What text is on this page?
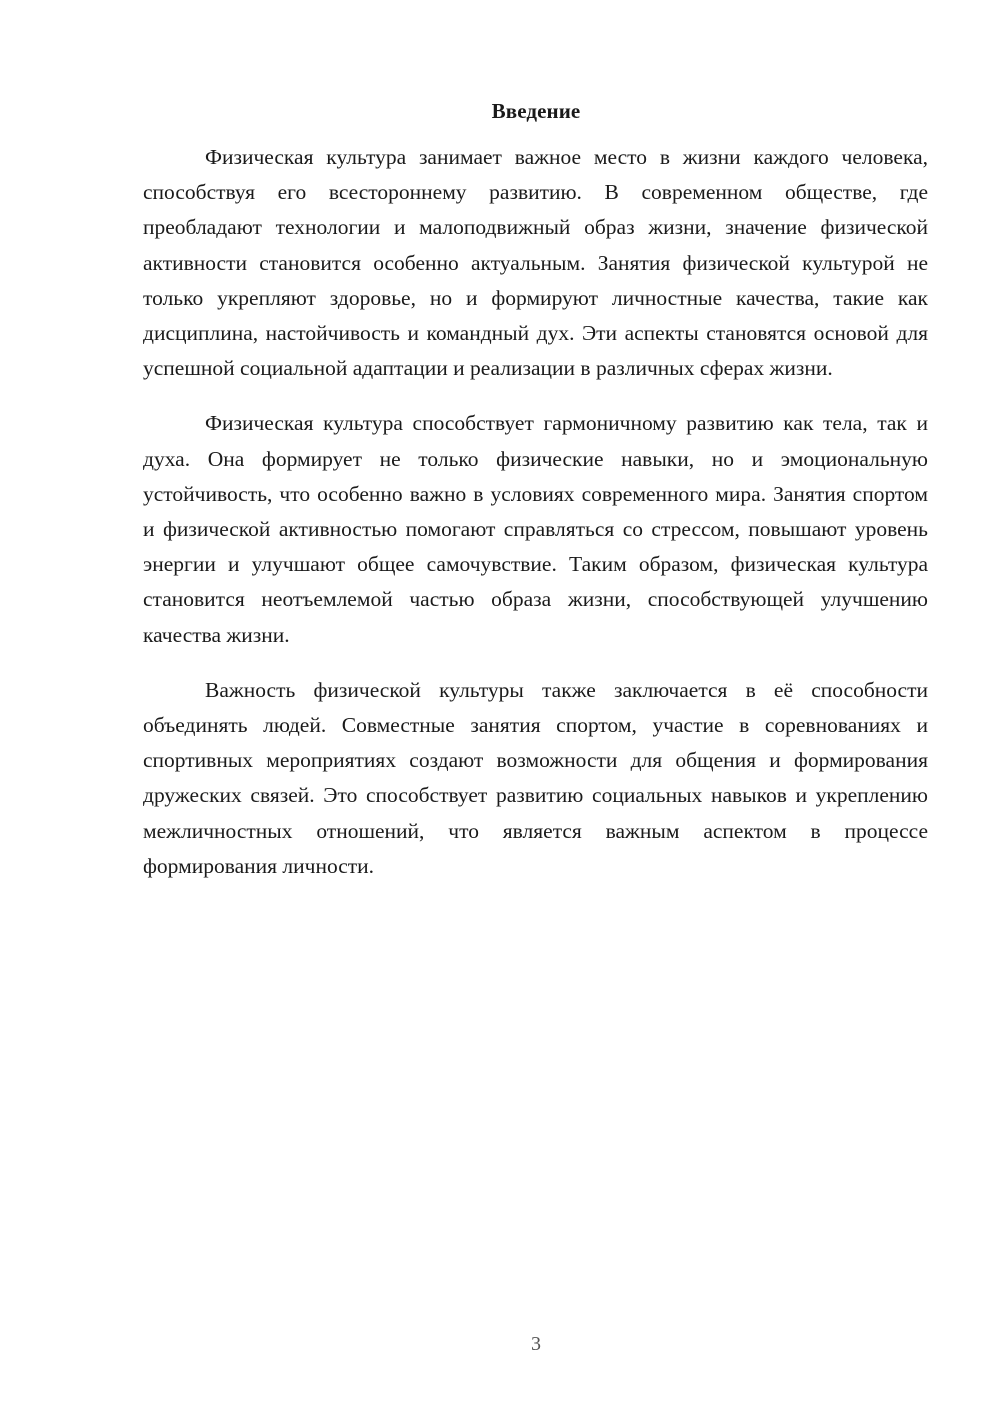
Введение

Физическая культура занимает важное место в жизни каждого человека, способствуя его всестороннему развитию. В современном обществе, где преобладают технологии и малоподвижный образ жизни, значение физической активности становится особенно актуальным. Занятия физической культурой не только укрепляют здоровье, но и формируют личностные качества, такие как дисциплина, настойчивость и командный дух. Эти аспекты становятся основой для успешной социальной адаптации и реализации в различных сферах жизни.

Физическая культура способствует гармоничному развитию как тела, так и духа. Она формирует не только физические навыки, но и эмоциональную устойчивость, что особенно важно в условиях современного мира. Занятия спортом и физической активностью помогают справляться со стрессом, повышают уровень энергии и улучшают общее самочувствие. Таким образом, физическая культура становится неотъемлемой частью образа жизни, способствующей улучшению качества жизни.

Важность физической культуры также заключается в её способности объединять людей. Совместные занятия спортом, участие в соревнованиях и спортивных мероприятиях создают возможности для общения и формирования дружеских связей. Это способствует развитию социальных навыков и укреплению межличностных отношений, что является важным аспектом в процессе формирования личности.

3
